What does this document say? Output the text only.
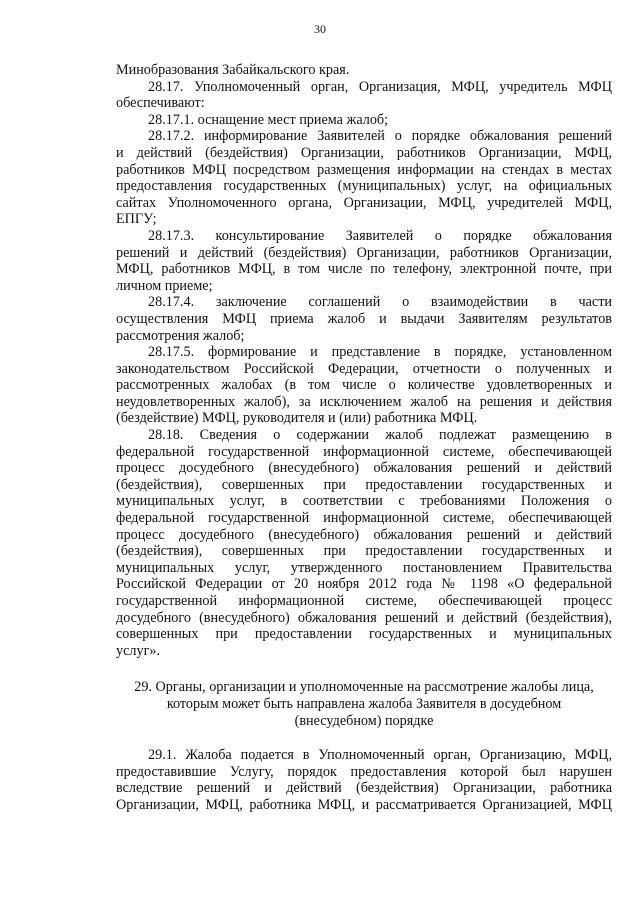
30
Минобразования Забайкальского края.
28.17. Уполномоченный орган, Организация, МФЦ, учредитель МФЦ
обеспечивают:
28.17.1. оснащение мест приема жалоб;
28.17.2. информирование Заявителей о порядке обжалования решений
и действий (бездействия) Организации, работников Организации, МФЦ,
работников МФЦ посредством размещения информации на стендах в местах
предоставления государственных (муниципальных) услуг, на официальных
сайтах Уполномоченного органа, Организации, МФЦ, учредителей МФЦ,
ЕПГУ;
28.17.3. консультирование Заявителей о порядке обжалования
решений и действий (бездействия) Организации, работников Организации,
МФЦ, работников МФЦ, в том числе по телефону, электронной почте, при
личном приеме;
28.17.4. заключение соглашений о взаимодействии в части
осуществления МФЦ приема жалоб и выдачи Заявителям результатов
рассмотрения жалоб;
28.17.5. формирование и представление в порядке, установленном
законодательством Российской Федерации, отчетности о полученных и
рассмотренных жалобах (в том числе о количестве удовлетворенных и
неудовлетворенных жалоб), за исключением жалоб на решения и действия
(бездействие) МФЦ, руководителя и (или) работника МФЦ.
28.18. Сведения о содержании жалоб подлежат размещению в
федеральной государственной информационной системе, обеспечивающей
процесс досудебного (внесудебного) обжалования решений и действий
(бездействия), совершенных при предоставлении государственных и
муниципальных услуг, в соответствии с требованиями Положения о
федеральной государственной информационной системе, обеспечивающей
процесс досудебного (внесудебного) обжалования решений и действий
(бездействия), совершенных при предоставлении государственных и
муниципальных услуг, утвержденного постановлением Правительства
Российской Федерации от 20 ноября 2012 года № 1198 «О федеральной
государственной информационной системе, обеспечивающей процесс
досудебного (внесудебного) обжалования решений и действий (бездействия),
совершенных при предоставлении государственных и муниципальных
услуг».
29. Органы, организации и уполномоченные на рассмотрение жалобы лица,
которым может быть направлена жалоба Заявителя в досудебном
(внесудебном) порядке
29.1. Жалоба подается в Уполномоченный орган, Организацию, МФЦ,
предоставившие Услугу, порядок предоставления которой был нарушен
вследствие решений и действий (бездействия) Организации, работника
Организации, МФЦ, работника МФЦ, и рассматривается Организацией, МФЦ
